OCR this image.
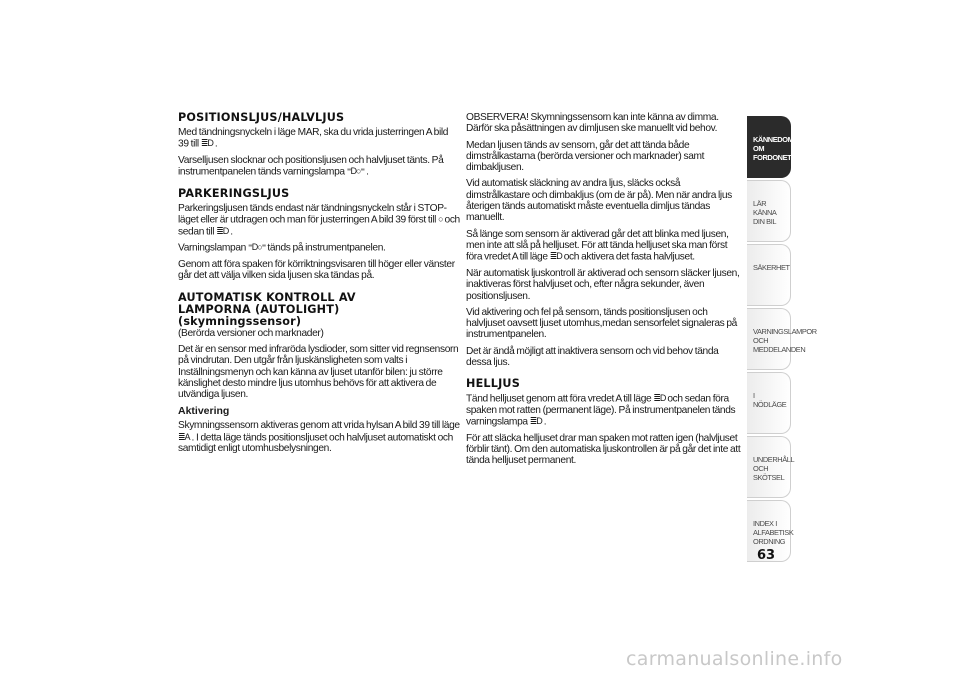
POSITIONSLJUS/HALVLJUS
Med tändningsnyckeln i läge MAR, ska du vrida justerringen A bild 39 till ≣D .
Varselljusen slocknar och positionsljusen och halvljuset tänts. På instrumentpanelen tänds varningslampa ⁼D○⁼ .
PARKERINGSLJUS
Parkeringsljusen tänds endast när tändningsnyckeln står i STOP-läget eller är utdragen och man för justerringen A bild 39 först till ○ och sedan till ≣D .
Varningslampan ⁼D○⁼ tänds på instrumentpanelen.
Genom att föra spaken för körriktningsvisaren till höger eller vänster går det att välja vilken sida ljusen ska tändas på.
AUTOMATISK KONTROLL AV
LAMPORNA (AUTOLIGHT)
(skymningssensor)
(Berörda versioner och marknader)
Det är en sensor med infraröda lysdioder, som sitter vid regnsensorn på vindrutan. Den utgår från ljuskänsligheten som valts i Inställningsmenyn och kan känna av ljuset utanför bilen: ju större känslighet desto mindre ljus utomhus behövs för att aktivera de utvändiga ljusen.
Aktivering
Skymningssensorn aktiveras genom att vrida hylsan A bild 39 till läge ≣A . I detta läge tänds positionsljuset och halvljuset automatiskt och samtidigt enligt utomhusbelysningen.
OBSERVERA! Skymningssensorn kan inte känna av dimma. Därför ska påsättningen av dimljusen ske manuellt vid behov.
Medan ljusen tänds av sensorn, går det att tända både dimstrålkastarna (berörda versioner och marknader) samt dimbakljusen.
Vid automatisk släckning av andra ljus, släcks också dimstrålkastare och dimbakljus (om de är på). Men när andra ljus återigen tänds automatiskt måste eventuella dimljus tändas manuellt.
Så länge som sensorn är aktiverad går det att blinka med ljusen, men inte att slå på helljuset. För att tända helljuset ska man först föra vredet A till läge ≣D och aktivera det fasta halvljuset.
När automatisk ljuskontroll är aktiverad och sensorn släcker ljusen, inaktiveras först halvljuset och, efter några sekunder, även positionsljusen.
Vid aktivering och fel på sensorn, tänds positionsljusen och halvljuset oavsett ljuset utomhus,medan sensorfelet signaleras på instrumentpanelen.
Det är ändå möjligt att inaktivera sensorn och vid behov tända dessa ljus.
HELLJUS
Tänd helljuset genom att föra vredet A till läge ≣D och sedan föra spaken mot ratten (permanent läge). På instrumentpanelen tänds varningslampa ≣D .
För att släcka helljuset drar man spaken mot ratten igen (halvljuset förblir tänt). Om den automatiska ljuskontrollen är på går det inte att tända helljuset permanent.
KÄNNEDOM OM FORDONET
LÄR KÄNNA DIN BIL
SÄKERHET
VARNINGSLAMPOR OCH MEDDELANDEN
I NÖDLÄGE
UNDERHÅLL OCH SKÖTSEL
INDEX I ALFABETISK ORDNING
63
carmanualsonline.info
